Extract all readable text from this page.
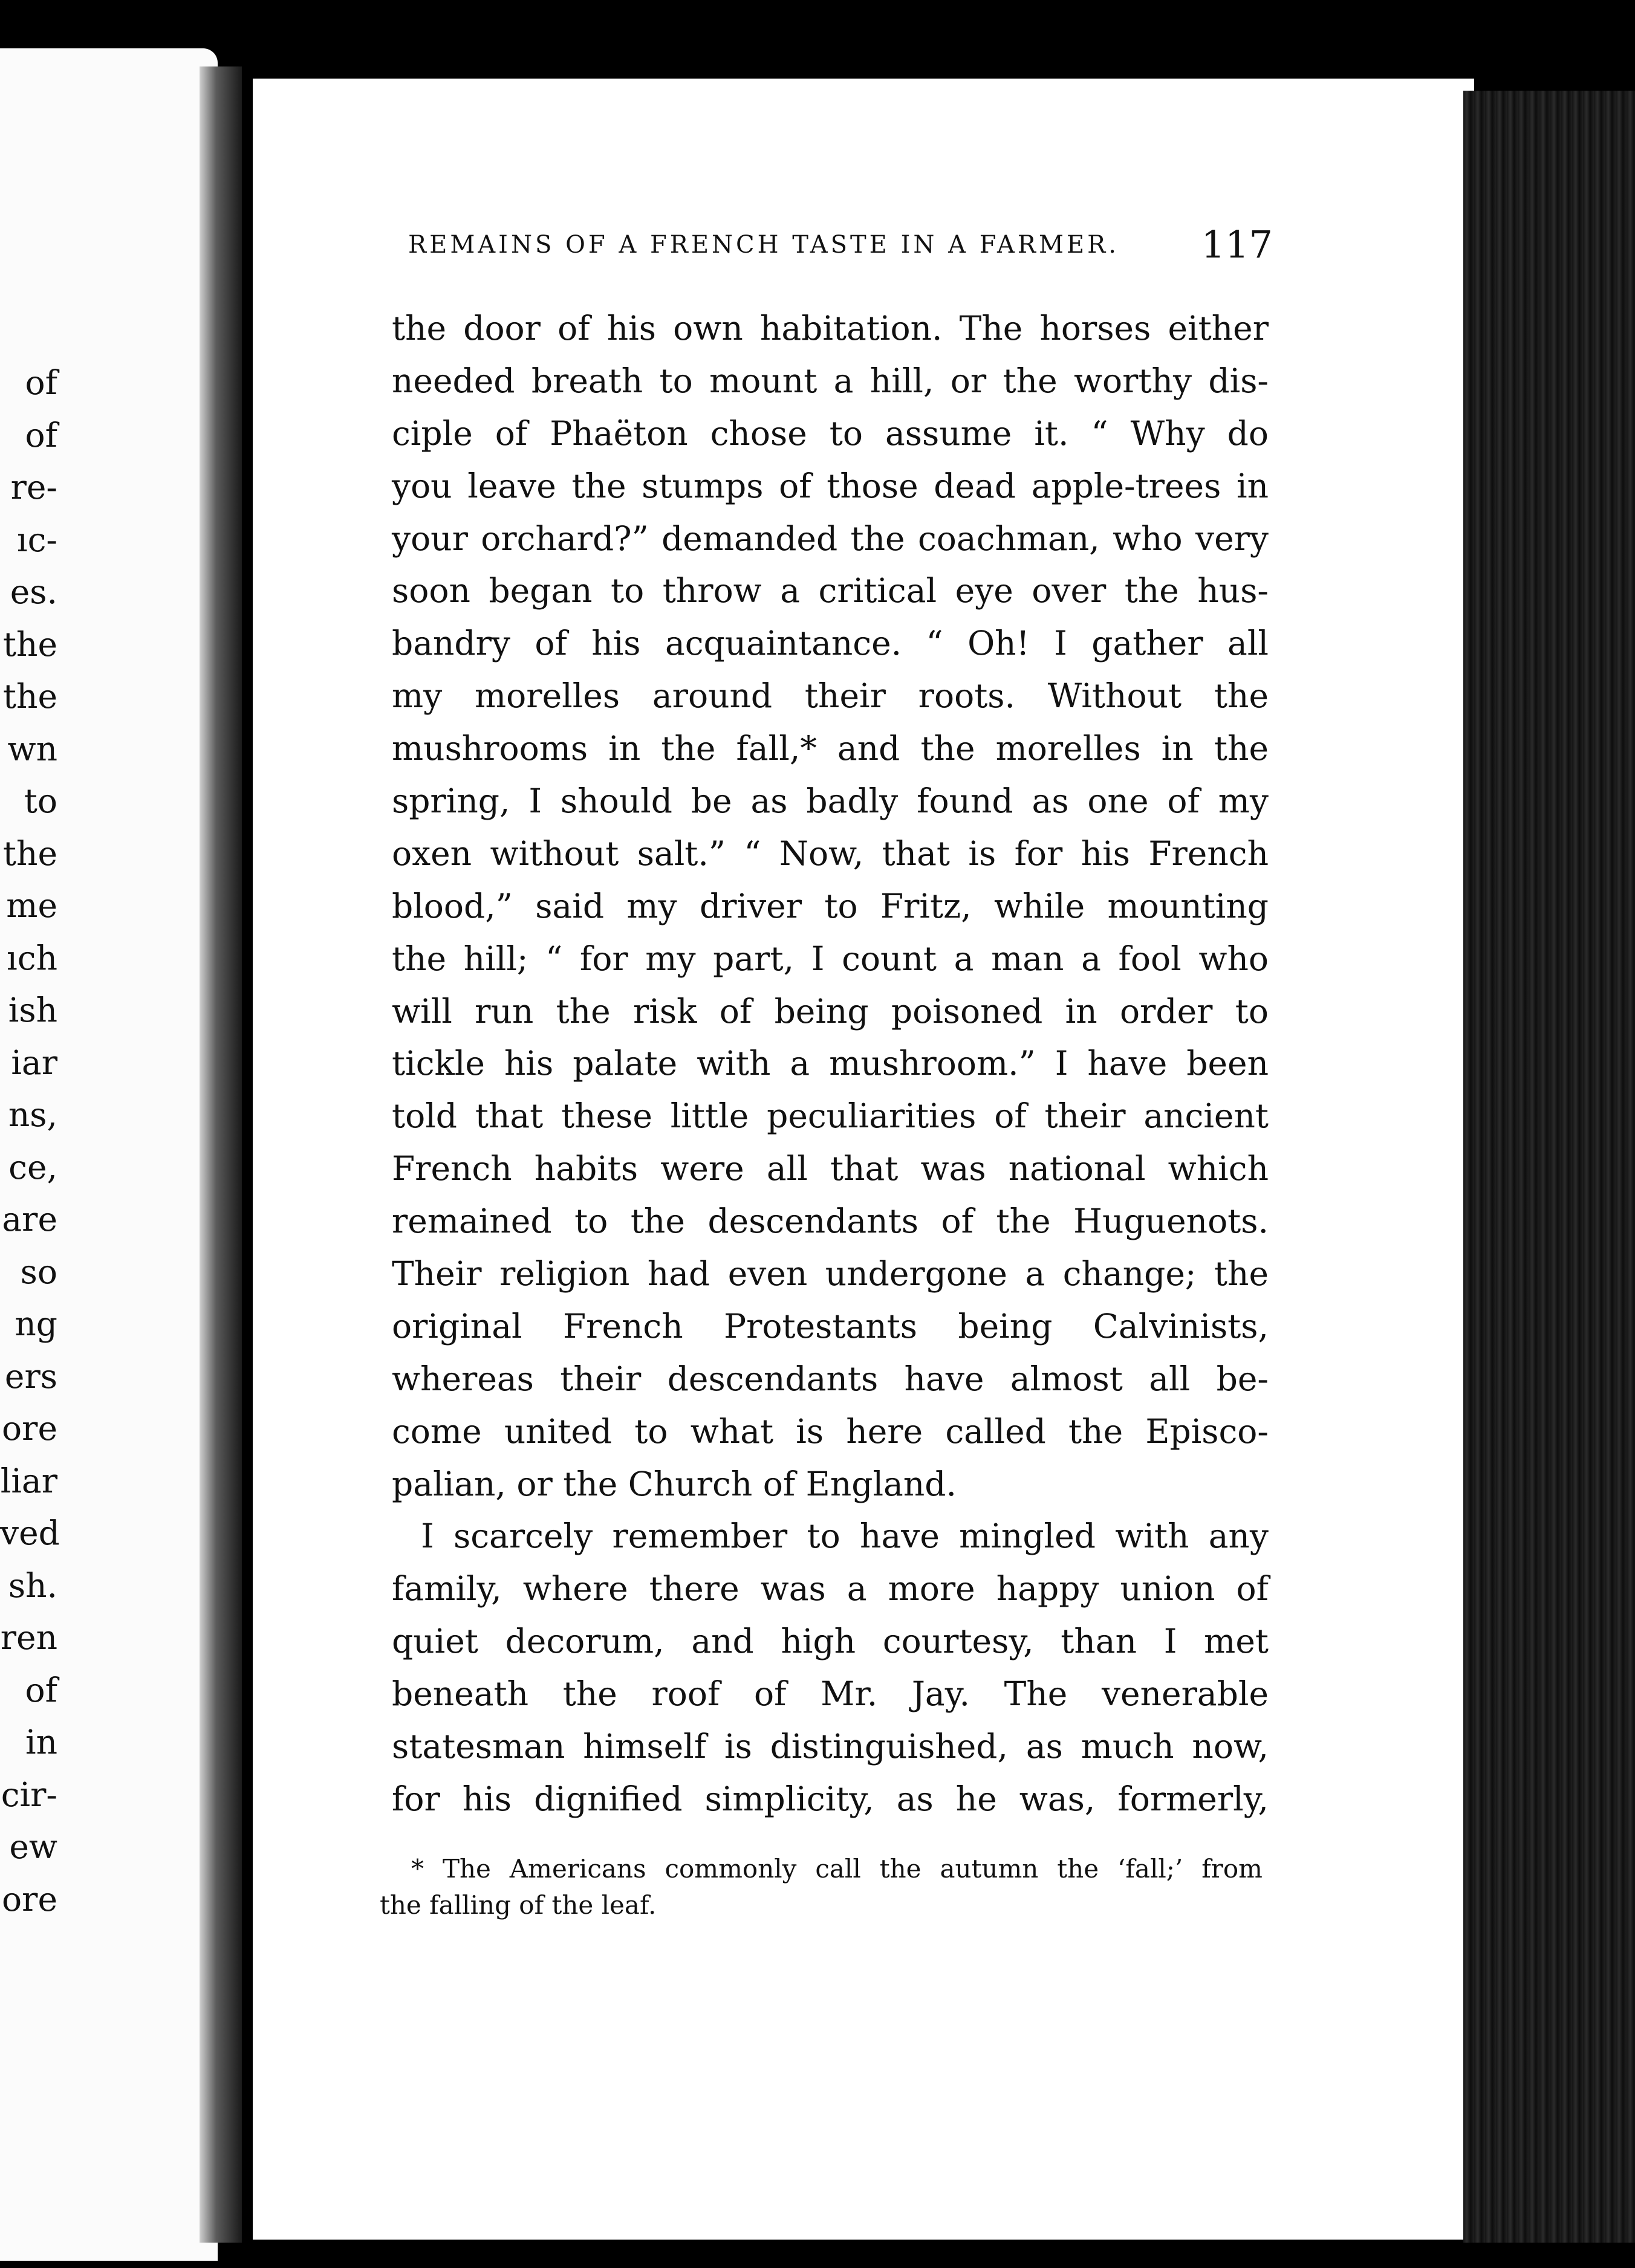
of
of
re-
ıc-
es.
the
the
wn
to
the
me
ıch
ish
iar
ns,
ce,
are
so
ng
ers
ore
liar
ved
sh.
ren
of
in
cir-
ew
ore
REMAINS OF A FRENCH TASTE IN A FARMER. 117
the door of his own habitation. The horses either
needed breath to mount a hill, or the worthy dis-
ciple of Phaëton chose to assume it. “ Why do
you leave the stumps of those dead apple-trees in
your orchard?” demanded the coachman, who very
soon began to throw a critical eye over the hus-
bandry of his acquaintance. “ Oh! I gather all
my morelles around their roots. Without the
mushrooms in the fall,* and the morelles in the
spring, I should be as badly found as one of my
oxen without salt.” “ Now, that is for his French
blood,” said my driver to Fritz, while mounting
the hill; “ for my part, I count a man a fool who
will run the risk of being poisoned in order to
tickle his palate with a mushroom.” I have been
told that these little peculiarities of their ancient
French habits were all that was national which
remained to the descendants of the Huguenots.
Their religion had even undergone a change; the
original French Protestants being Calvinists,
whereas their descendants have almost all be-
come united to what is here called the Episco-
palian, or the Church of England.
I scarcely remember to have mingled with any
family, where there was a more happy union of
quiet decorum, and high courtesy, than I met
beneath the roof of Mr. Jay. The venerable
statesman himself is distinguished, as much now,
for his dignified simplicity, as he was, formerly,
* The Americans commonly call the autumn the ‘fall;’ from
the falling of the leaf.
